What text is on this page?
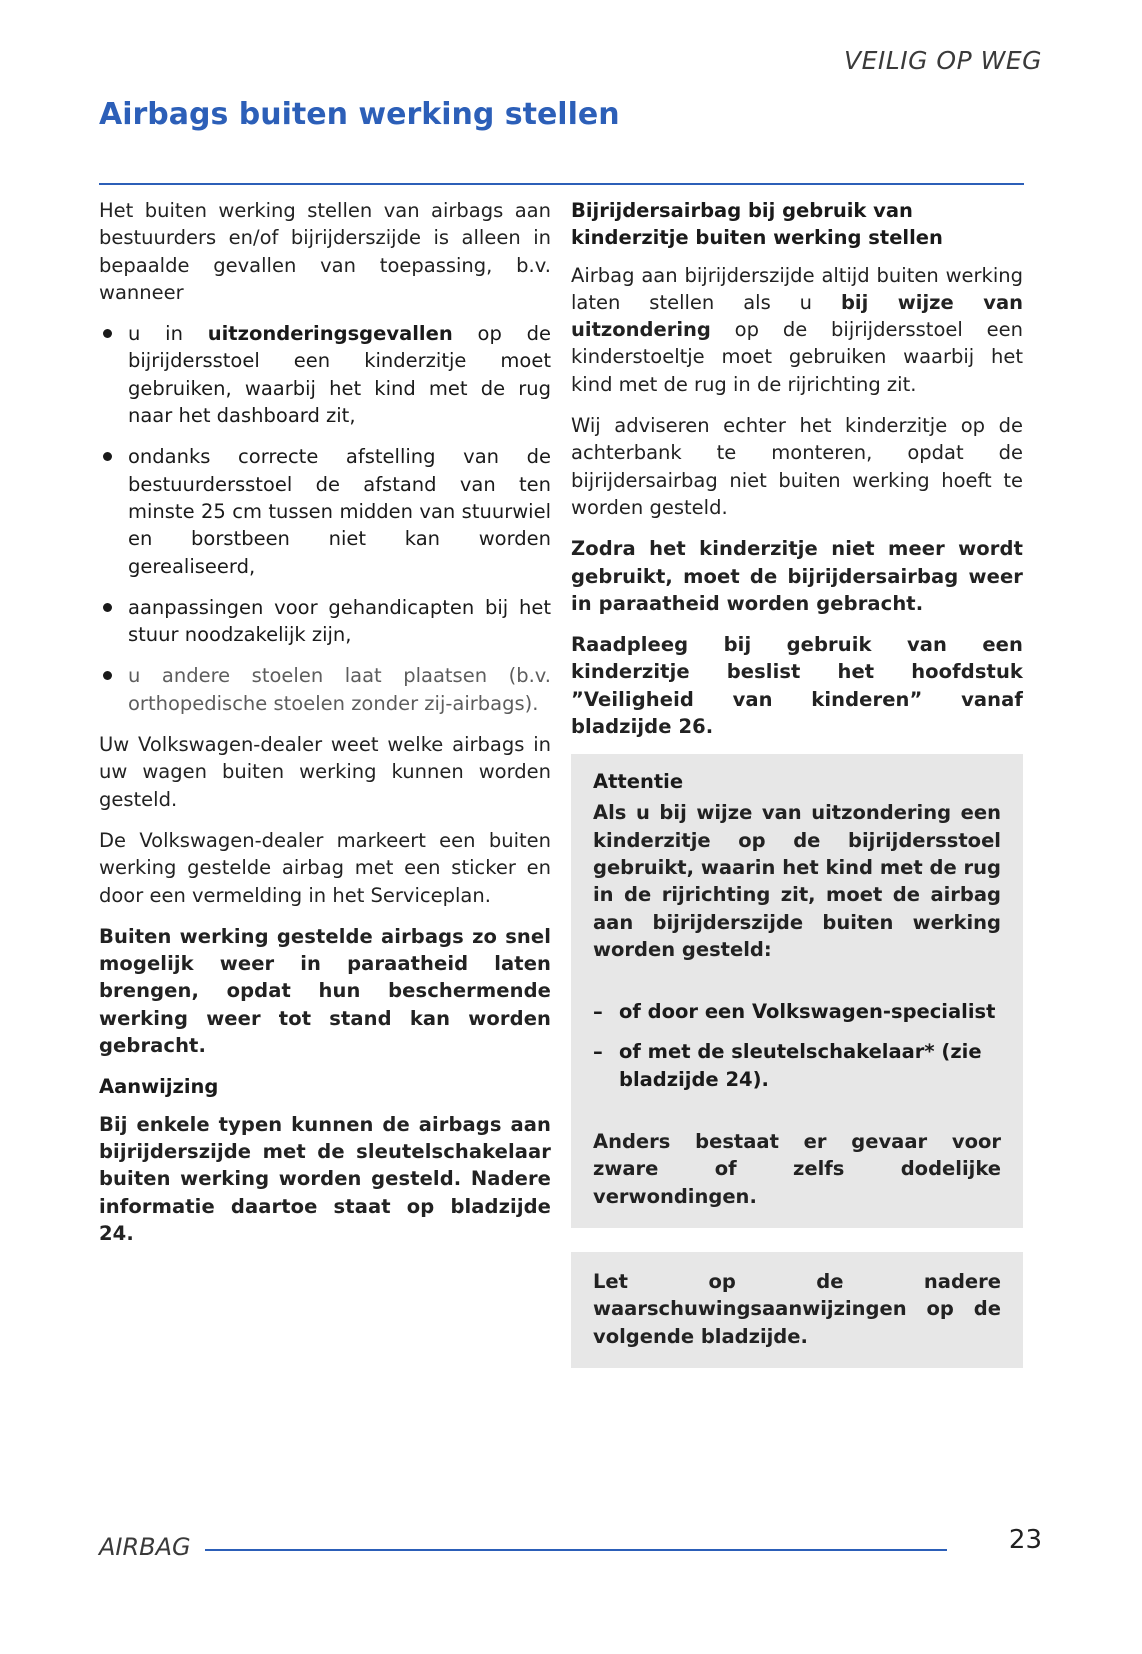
VEILIG OP WEG
Airbags buiten werking stellen

Het buiten werking stellen van airbags aan bestuurders en/of bijrijderszijde is alleen in bepaalde gevallen van toepassing, b.v. wanneer

u in uitzonderingsgevallen op de bijrijdersstoel een kinderzitje moet gebruiken, waarbij het kind met de rug naar het dashboard zit,
ondanks correcte afstelling van de bestuurdersstoel de afstand van ten minste 25 cm tussen midden van stuurwiel en borstbeen niet kan worden gerealiseerd,
aanpassingen voor gehandicapten bij het stuur noodzakelijk zijn,
u andere stoelen laat plaatsen (b.v. orthopedische stoelen zonder zij-airbags).

Uw Volkswagen-dealer weet welke airbags in uw wagen buiten werking kunnen worden gesteld.

De Volkswagen-dealer markeert een buiten werking gestelde airbag met een sticker en door een vermelding in het Serviceplan.

Buiten werking gestelde airbags zo snel mogelijk weer in paraatheid laten brengen, opdat hun beschermende werking weer tot stand kan worden gebracht.

Aanwijzing

Bij enkele typen kunnen de airbags aan bijrijderszijde met de sleutelschakelaar buiten werking worden gesteld. Nadere informatie daartoe staat op bladzijde 24.

Bijrijdersairbag bij gebruik van kinderzitje buiten werking stellen

Airbag aan bijrijderszijde altijd buiten werking laten stellen als u bij wijze van uitzondering op de bijrijdersstoel een kinderstoeltje moet gebruiken waarbij het kind met de rug in de rijrichting zit.

Wij adviseren echter het kinderzitje op de achterbank te monteren, opdat de bijrijdersairbag niet buiten werking hoeft te worden gesteld.

Zodra het kinderzitje niet meer wordt gebruikt, moet de bijrijdersairbag weer in paraatheid worden gebracht.

Raadpleeg bij gebruik van een kinderzitje beslist het hoofdstuk ”Veiligheid van kinderen” vanaf bladzijde 26.

Attentie

Als u bij wijze van uitzondering een kinderzitje op de bijrijdersstoel gebruikt, waarin het kind met de rug in de rijrichting zit, moet de airbag aan bijrijderszijde buiten werking worden gesteld:

– of door een Volkswagen-specialist
– of met de sleutelschakelaar* (zie bladzijde 24).

Anders bestaat er gevaar voor zware of zelfs dodelijke verwondingen.

Let op de nadere waarschuwingsaanwijzingen op de volgende bladzijde.

AIRBAG	23
